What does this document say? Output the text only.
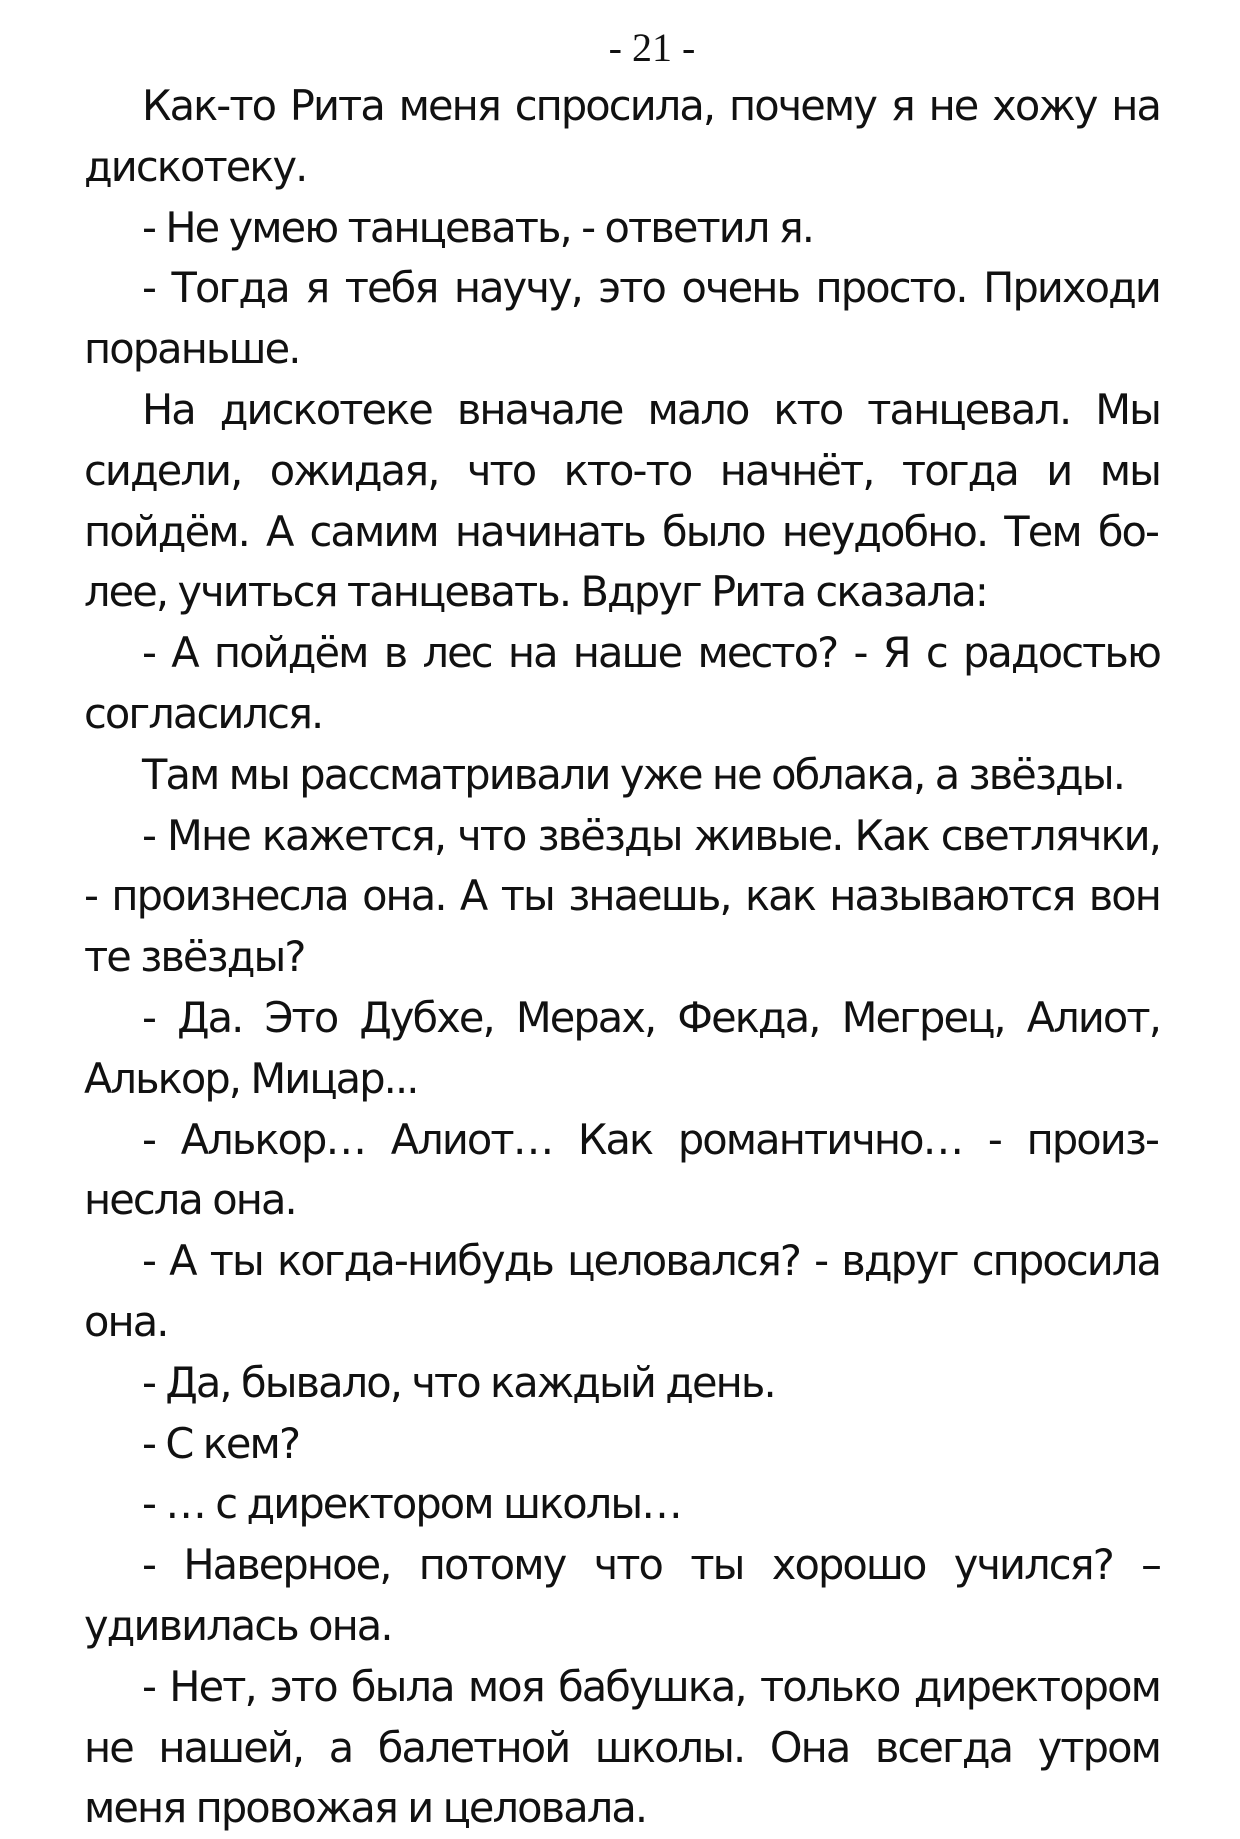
- 21 -

Как-то Рита меня спросила, почему я не хожу на дискотеку.

- Не умею танцевать, - ответил я.

- Тогда я тебя научу, это очень просто. Приходи пораньше.

На дискотеке вначале мало кто танцевал. Мы сидели, ожидая, что кто-то начнёт, тогда и мы пойдём. А самим начинать было неудобно. Тем более, учиться танцевать. Вдруг Рита сказала:

- А пойдём в лес на наше место? - Я с радостью согласился.

Там мы рассматривали уже не облака, а звёзды.

- Мне кажется, что звёзды живые. Как светлячки, - произнесла она. А ты знаешь, как называются вон те звёзды?

- Да. Это Дубхе, Мерах, Фекда, Мегрец, Алиот, Алькор, Мицар...

- Алькор… Алиот… Как романтично… - произнесла она.

- А ты когда-нибудь целовался? - вдруг спросила она.

- Да, бывало, что каждый день.

- С кем?

- … с директором школы…

- Наверное, потому что ты хорошо учился? – удивилась она.

- Нет, это была моя бабушка, только директором не нашей, а балетной школы. Она всегда утром меня провожая и целовала.
